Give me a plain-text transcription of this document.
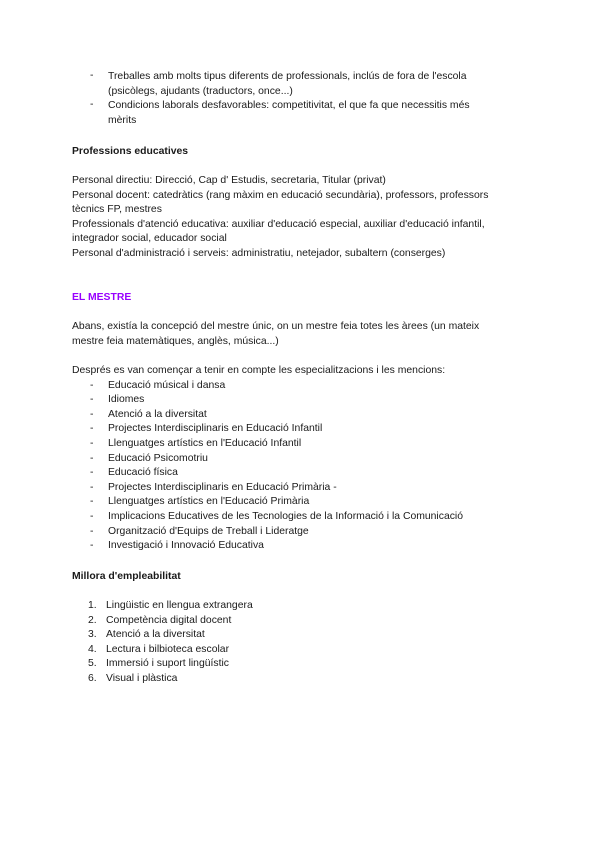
-	Treballes amb molts tipus diferents de professionals, inclús de fora de l'escola
(psicòlegs, ajudants (traductors, once...)
-	Condicions laborals desfavorables: competitivitat, el que fa que necessitis més
mèrits
Professions educatives
Personal directiu: Direcció, Cap d' Estudis, secretaria, Titular (privat)
Personal docent: catedràtics (rang màxim en educació secundària), professors, professors
tècnics FP, mestres
Professionals d'atenció educativa: auxiliar d'educació especial, auxiliar d'educació infantil,
integrador social, educador social
Personal d'administració i serveis: administratiu, netejador, subaltern (conserges)
EL MESTRE
Abans, existía la concepció del mestre únic, on un mestre feia totes les àrees (un mateix
mestre feia matemàtiques, anglès, música...)
Després es van començar a tenir en compte les especialitzacions i les mencions:
-	Educació músical i dansa
-	Idiomes
-	Atenció a la diversitat
-	Projectes Interdisciplinaris en Educació Infantil
-	Llenguatges artístics en l'Educació Infantil
-	Educació Psicomotriu
-	Educació física
-	Projectes Interdisciplinaris en Educació Primària -
-	Llenguatges artístics en l'Educació Primària
-	Implicacions Educatives de les Tecnologies de la Informació i la Comunicació
-	Organització d'Equips de Treball i Lideratge
-	Investigació i Innovació Educativa
Millora d'empleabilitat
1. Lingüistic en llengua extrangera
2. Competència digital docent
3. Atenció a la diversitat
4. Lectura i bilbioteca escolar
5. Immersió i suport lingüístic
6. Visual i plàstica
